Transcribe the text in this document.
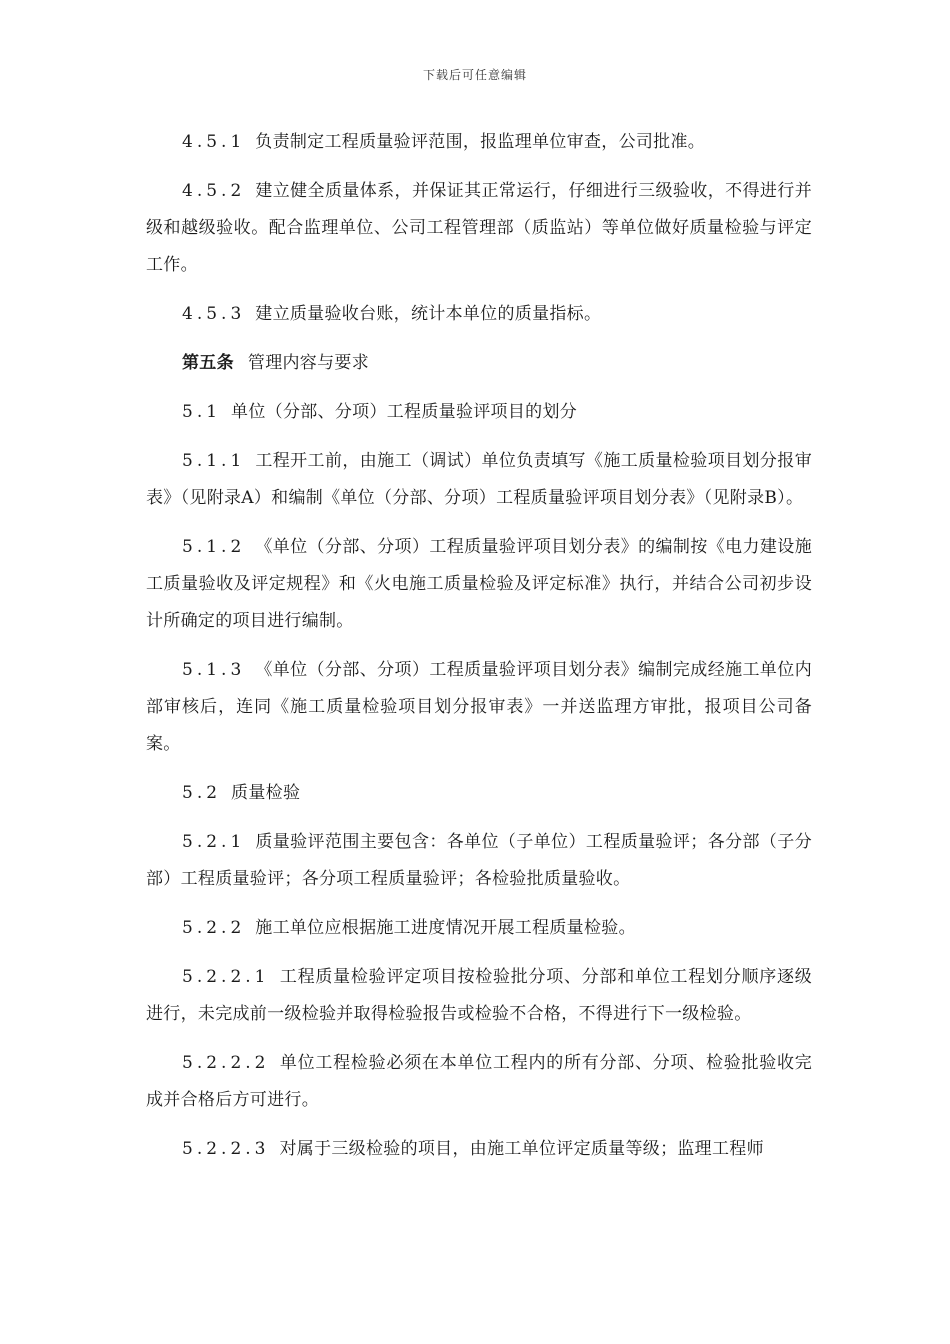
下载后可任意编辑

4.5.1 负责制定工程质量验评范围，报监理单位审查，公司批准。

4.5.2 建立健全质量体系，并保证其正常运行，仔细进行三级验收，不得进行并级和越级验收。配合监理单位、公司工程管理部（质监站）等单位做好质量检验与评定工作。

4.5.3 建立质量验收台账，统计本单位的质量指标。

第五条 管理内容与要求

5.1 单位（分部、分项）工程质量验评项目的划分

5.1.1 工程开工前，由施工（调试）单位负责填写《施工质量检验项目划分报审表》（见附录A）和编制《单位（分部、分项）工程质量验评项目划分表》（见附录B）。

5.1.2 《单位（分部、分项）工程质量验评项目划分表》的编制按《电力建设施工质量验收及评定规程》和《火电施工质量检验及评定标准》执行，并结合公司初步设计所确定的项目进行编制。

5.1.3 《单位（分部、分项）工程质量验评项目划分表》编制完成经施工单位内部审核后，连同《施工质量检验项目划分报审表》一并送监理方审批，报项目公司备案。

5.2 质量检验

5.2.1 质量验评范围主要包含：各单位（子单位）工程质量验评；各分部（子分部）工程质量验评；各分项工程质量验评；各检验批质量验收。

5.2.2 施工单位应根据施工进度情况开展工程质量检验。

5.2.2.1 工程质量检验评定项目按检验批分项、分部和单位工程划分顺序逐级进行，未完成前一级检验并取得检验报告或检验不合格，不得进行下一级检验。

5.2.2.2 单位工程检验必须在本单位工程内的所有分部、分项、检验批验收完成并合格后方可进行。

5.2.2.3 对属于三级检验的项目，由施工单位评定质量等级；监理工程师
